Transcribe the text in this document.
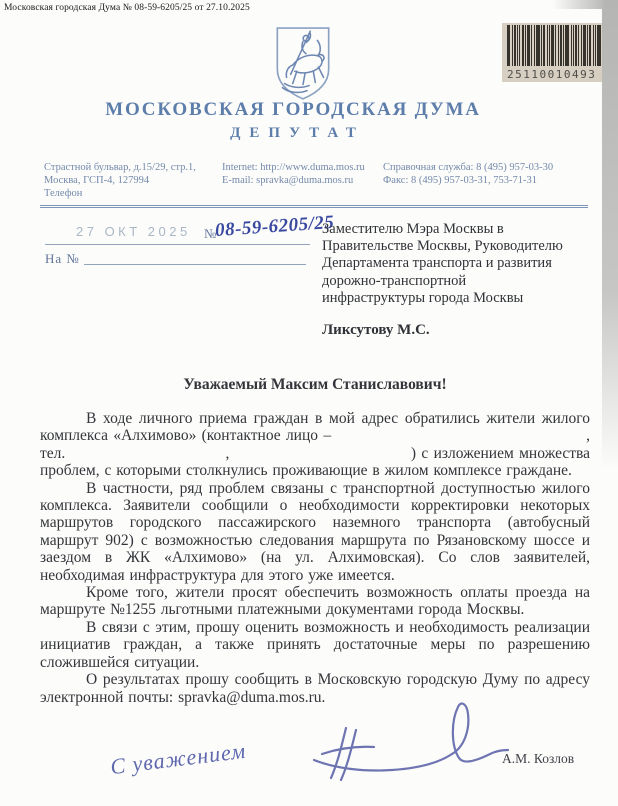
Московская городская Дума № 08-59-6205/25 от 27.10.2025
25110010493
МОСКОВСКАЯ ГОРОДСКАЯ ДУМА
ДЕПУТАТ
Страстной бульвар, д.15/29, стр.1,
Москва, ГСП-4, 127994
Телефон
Internet: http://www.duma.mos.ru
E-mail: spravka@duma.mos.ru
Справочная служба: 8 (495) 957-03-30
Факс: 8 (495) 957-03-31, 753-71-31
27 ОКТ 2025 №
08-59-6205/25
На №
Заместителю Мэра Москвы в
Правительстве Москвы, Руководителю
Департамента транспорта и развития
дорожно-транспортной
инфраструктуры города Москвы
Ликсутову М.С.
Уважаемый Максим Станиславович!

В ходе личного приема граждан в мой адрес обратились жители жилого комплекса «Алхимово» (контактное лицо –                                                , тел.                              ,                                  ) с изложением множества проблем, с которыми столкнулись проживающие в жилом комплексе граждане.

В частности, ряд проблем связаны с транспортной доступностью жилого комплекса. Заявители сообщили о необходимости корректировки некоторых маршрутов городского пассажирского наземного транспорта (автобусный маршрут 902) с возможностью следования маршрута по Рязановскому шоссе и заездом в ЖК «Алхимово» (на ул. Алхимовская). Со слов заявителей, необходимая инфраструктура для этого уже имеется.

Кроме того, жители просят обеспечить возможность оплаты проезда на маршруте №1255 льготными платежными документами города Москвы.

В связи с этим, прошу оценить возможность и необходимость реализации инициатив граждан, а также принять достаточные меры по разрешению сложившейся ситуации.

О результатах прошу сообщить в Московскую городскую Думу по адресу электронной почты: spravka@duma.mos.ru.

С уважением	А.М. Козлов
